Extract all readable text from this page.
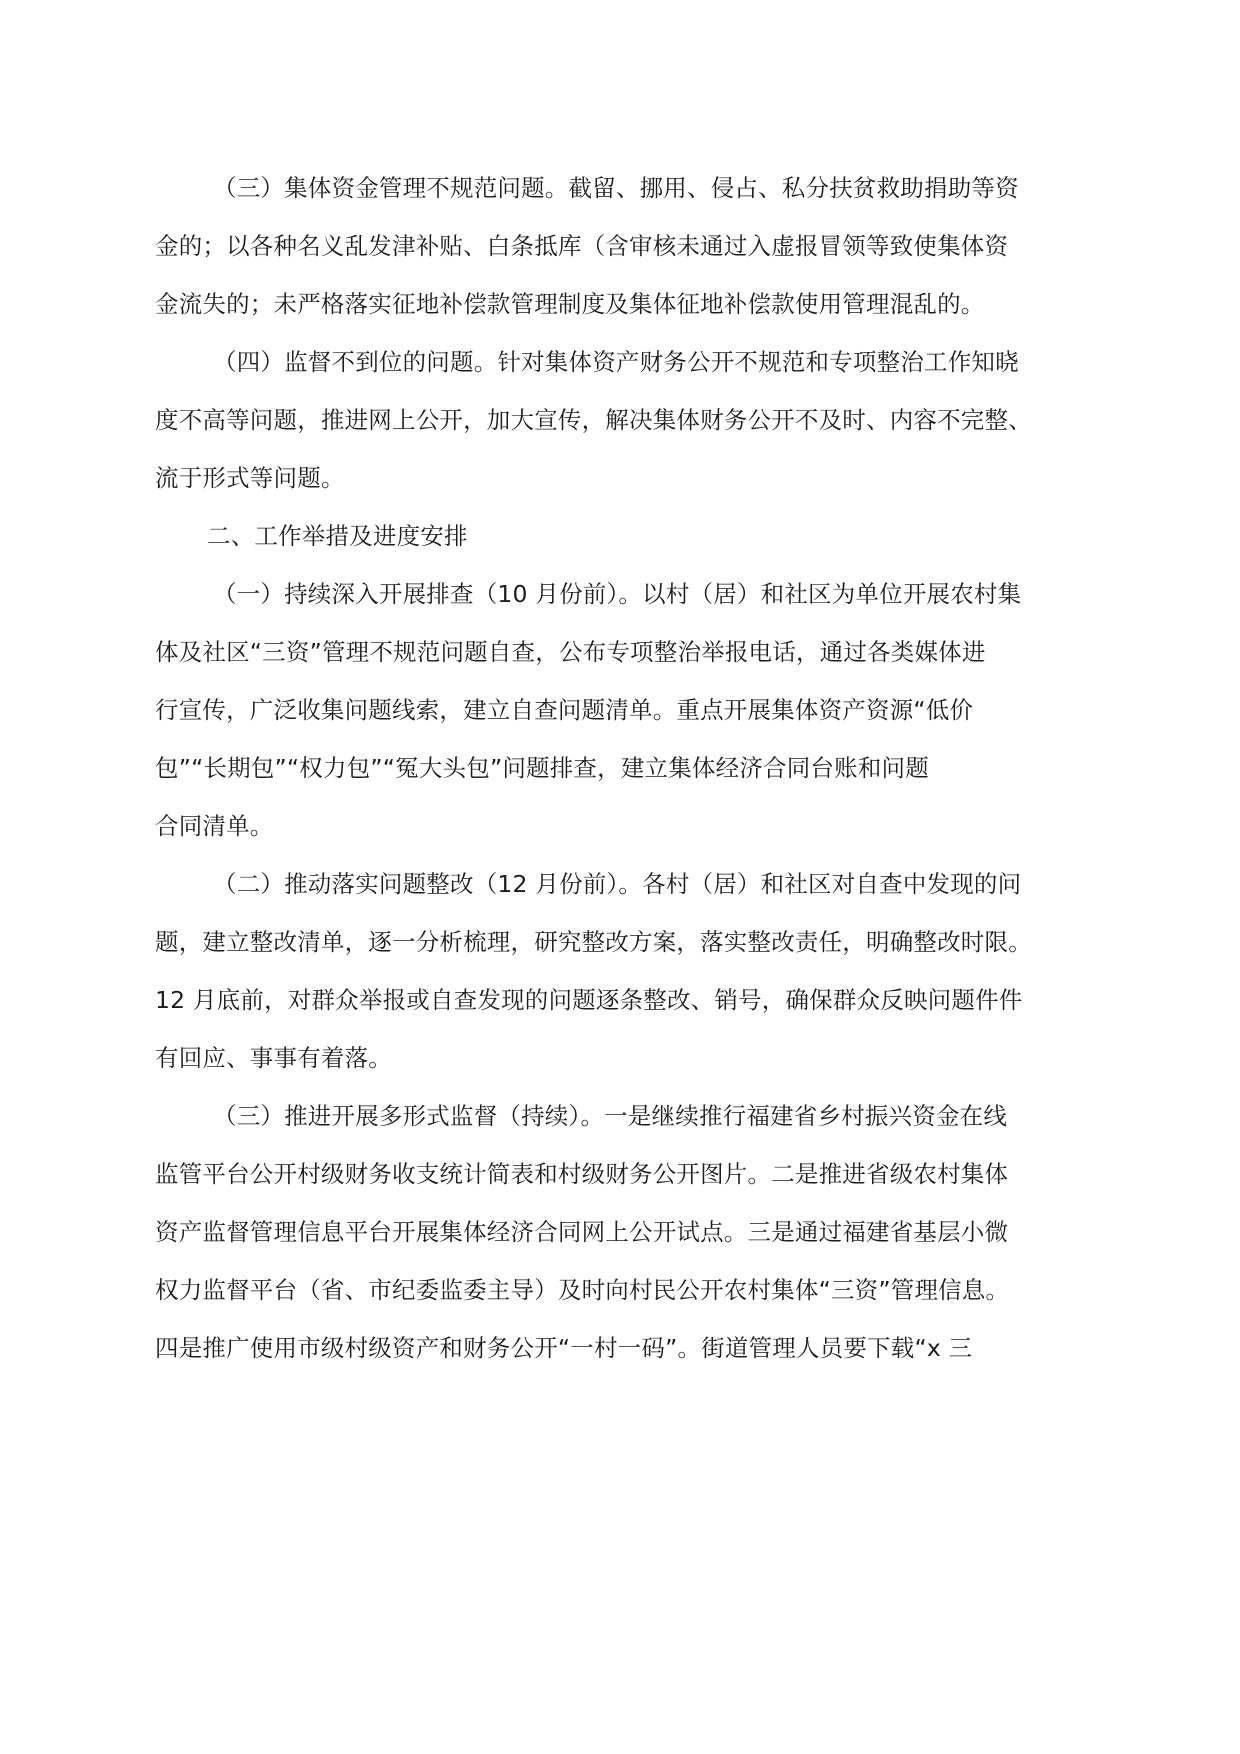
（三）集体资金管理不规范问题。截留、挪用、侵占、私分扶贫救助捐助等资
金的；以各种名义乱发津补贴、白条抵库（含审核未通过入虚报冒领等致使集体资
金流失的；未严格落实征地补偿款管理制度及集体征地补偿款使用管理混乱的。
（四）监督不到位的问题。针对集体资产财务公开不规范和专项整治工作知晓
度不高等问题，推进网上公开，加大宣传，解决集体财务公开不及时、内容不完整、
流于形式等问题。
二、工作举措及进度安排
（一）持续深入开展排查（10 月份前）。以村（居）和社区为单位开展农村集
体及社区“三资”管理不规范问题自查，公布专项整治举报电话，通过各类媒体进
行宣传，广泛收集问题线索，建立自查问题清单。重点开展集体资产资源“低价
包”“长期包”“权力包”“冤大头包”问题排查，建立集体经济合同台账和问题
合同清单。
（二）推动落实问题整改（12 月份前）。各村（居）和社区对自查中发现的问
题，建立整改清单，逐一分析梳理，研究整改方案，落实整改责任，明确整改时限。
12 月底前，对群众举报或自查发现的问题逐条整改、销号，确保群众反映问题件件
有回应、事事有着落。
（三）推进开展多形式监督（持续）。一是继续推行福建省乡村振兴资金在线
监管平台公开村级财务收支统计简表和村级财务公开图片。二是推进省级农村集体
资产监督管理信息平台开展集体经济合同网上公开试点。三是通过福建省基层小微
权力监督平台（省、市纪委监委主导）及时向村民公开农村集体“三资”管理信息。
四是推广使用市级村级资产和财务公开“一村一码”。街道管理人员要下载“x 三
